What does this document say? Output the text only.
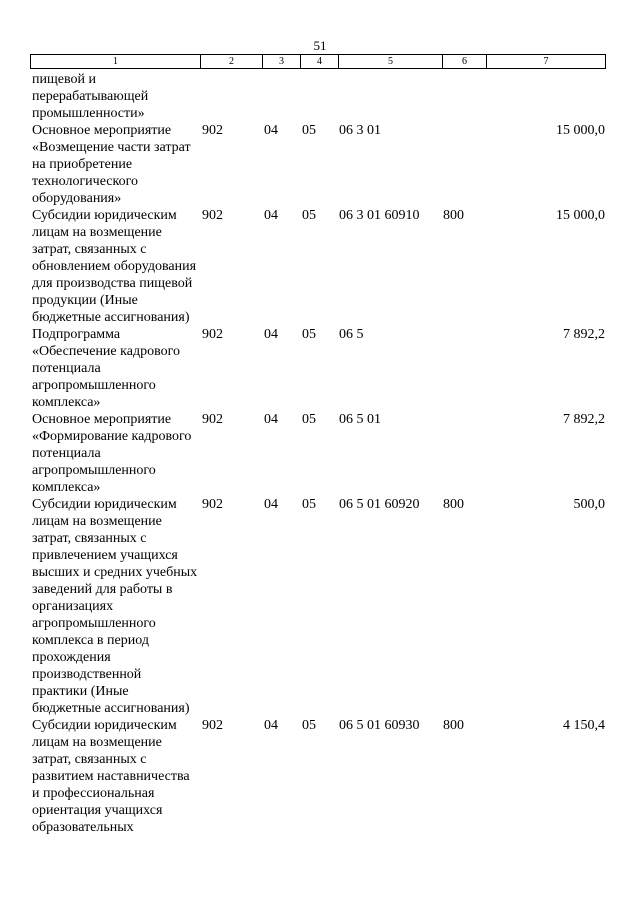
51
1	2	3	4	5	6	7
пищевой и перерабатывающей промышленности»						
Основное мероприятие «Возмещение части затрат на приобретение технологического оборудования»	902	04	05	06 3 01		15 000,0
Субсидии юридическим лицам на возмещение затрат, связанных с обновлением оборудования для производства пищевой продукции (Иные бюджетные ассигнования)	902	04	05	06 3 01 60910	800	15 000,0
Подпрограмма «Обеспечение кадрового потенциала агропромышленного комплекса»	902	04	05	06 5		7 892,2
Основное мероприятие «Формирование кадрового потенциала агропромышленного комплекса»	902	04	05	06 5 01		7 892,2
Субсидии юридическим лицам на возмещение затрат, связанных с привлечением учащихся высших и средних учебных заведений для работы в организациях агропромышленного комплекса в период прохождения производственной практики (Иные бюджетные ассигнования)	902	04	05	06 5 01 60920	800	500,0
Субсидии юридическим лицам на возмещение затрат, связанных с развитием наставничества и профессиональная ориентация учащихся образовательных	902	04	05	06 5 01 60930	800	4 150,4
